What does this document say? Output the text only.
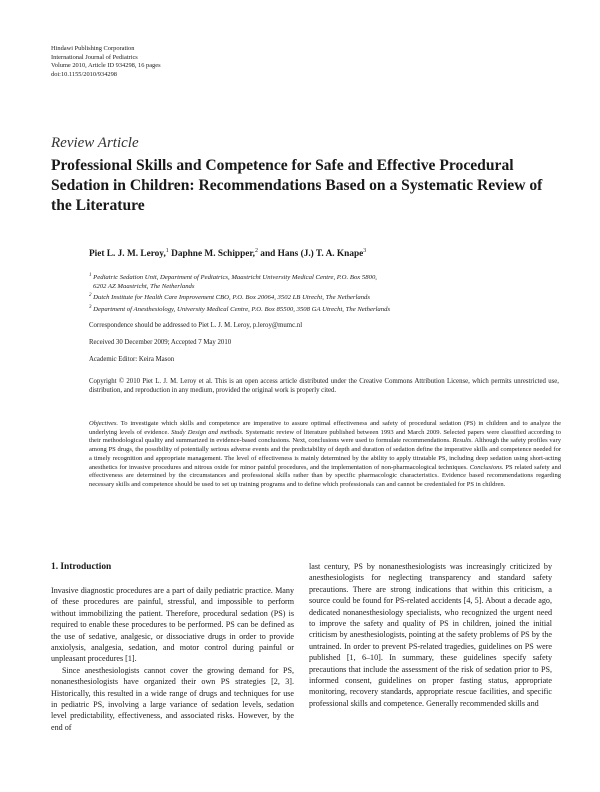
Hindawi Publishing Corporation
International Journal of Pediatrics
Volume 2010, Article ID 934298, 16 pages
doi:10.1155/2010/934298
Review Article
Professional Skills and Competence for Safe and Effective Procedural Sedation in Children: Recommendations Based on a Systematic Review of the Literature
Piet L. J. M. Leroy,$^1$ Daphne M. Schipper,$^2$ and Hans (J.) T. A. Knape$^3$
$^1$ Pediatric Sedation Unit, Department of Pediatrics, Maastricht University Medical Centre, P.O. Box 5800,
6202 AZ Maastricht, The Netherlands
$^2$ Dutch Institute for Health Care Improvement CBO, P.O. Box 20064, 3502 LB Utrecht, The Netherlands
$^3$ Department of Anesthesiology, University Medical Centre, P.O. Box 85500, 3508 GA Utrecht, The Netherlands
Correspondence should be addressed to Piet L. J. M. Leroy, p.leroy@mumc.nl
Received 30 December 2009; Accepted 7 May 2010
Academic Editor: Keira Mason
Copyright © 2010 Piet L. J. M. Leroy et al. This is an open access article distributed under the Creative Commons Attribution License, which permits unrestricted use, distribution, and reproduction in any medium, provided the original work is properly cited.
Objectives. To investigate which skills and competence are imperative to assure optimal effectiveness and safety of procedural sedation (PS) in children and to analyze the underlying levels of evidence. Study Design and methods. Systematic review of literature published between 1993 and March 2009. Selected papers were classified according to their methodological quality and summarized in evidence-based conclusions. Next, conclusions were used to formulate recommendations. Results. Although the safety profiles vary among PS drugs, the possibility of potentially serious adverse events and the predictability of depth and duration of sedation define the imperative skills and competence needed for a timely recognition and appropriate management. The level of effectiveness is mainly determined by the ability to apply titratable PS, including deep sedation using short-acting anesthetics for invasive procedures and nitrous oxide for minor painful procedures, and the implementation of non-pharmacological techniques. Conclusions. PS related safety and effectiveness are determined by the circumstances and professional skills rather than by specific pharmacologic characteristics. Evidence based recommendations regarding necessary skills and competence should be used to set up training programs and to define which professionals can and cannot be credentialed for PS in children.
1. Introduction

Invasive diagnostic procedures are a part of daily pediatric practice. Many of these procedures are painful, stressful, and impossible to perform without immobilizing the patient. Therefore, procedural sedation (PS) is required to enable these procedures to be performed. PS can be defined as the use of sedative, analgesic, or dissociative drugs in order to provide anxiolysis, analgesia, sedation, and motor control during painful or unpleasant procedures [1].

Since anesthesiologists cannot cover the growing demand for PS, nonanesthesiologists have organized their own PS strategies [2, 3]. Historically, this resulted in a wide range of drugs and techniques for use in pediatric PS, involving a large variance of sedation levels, sedation level predictability, effectiveness, and associated risks. However, by the end of

last century, PS by nonanesthesiologists was increasingly criticized by anesthesiologists for neglecting transparency and standard safety precautions. There are strong indications that within this criticism, a source could be found for PS-related accidents [4, 5]. About a decade ago, dedicated nonanesthesiology specialists, who recognized the urgent need to improve the safety and quality of PS in children, joined the initial criticism by anesthesiologists, pointing at the safety problems of PS by the untrained. In order to prevent PS-related tragedies, guidelines on PS were published [1, 6–10]. In summary, these guidelines specify safety precautions that include the assessment of the risk of sedation prior to PS, informed consent, guidelines on proper fasting status, appropriate monitoring, recovery standards, appropriate rescue facilities, and specific professional skills and competence. Generally recommended skills and
